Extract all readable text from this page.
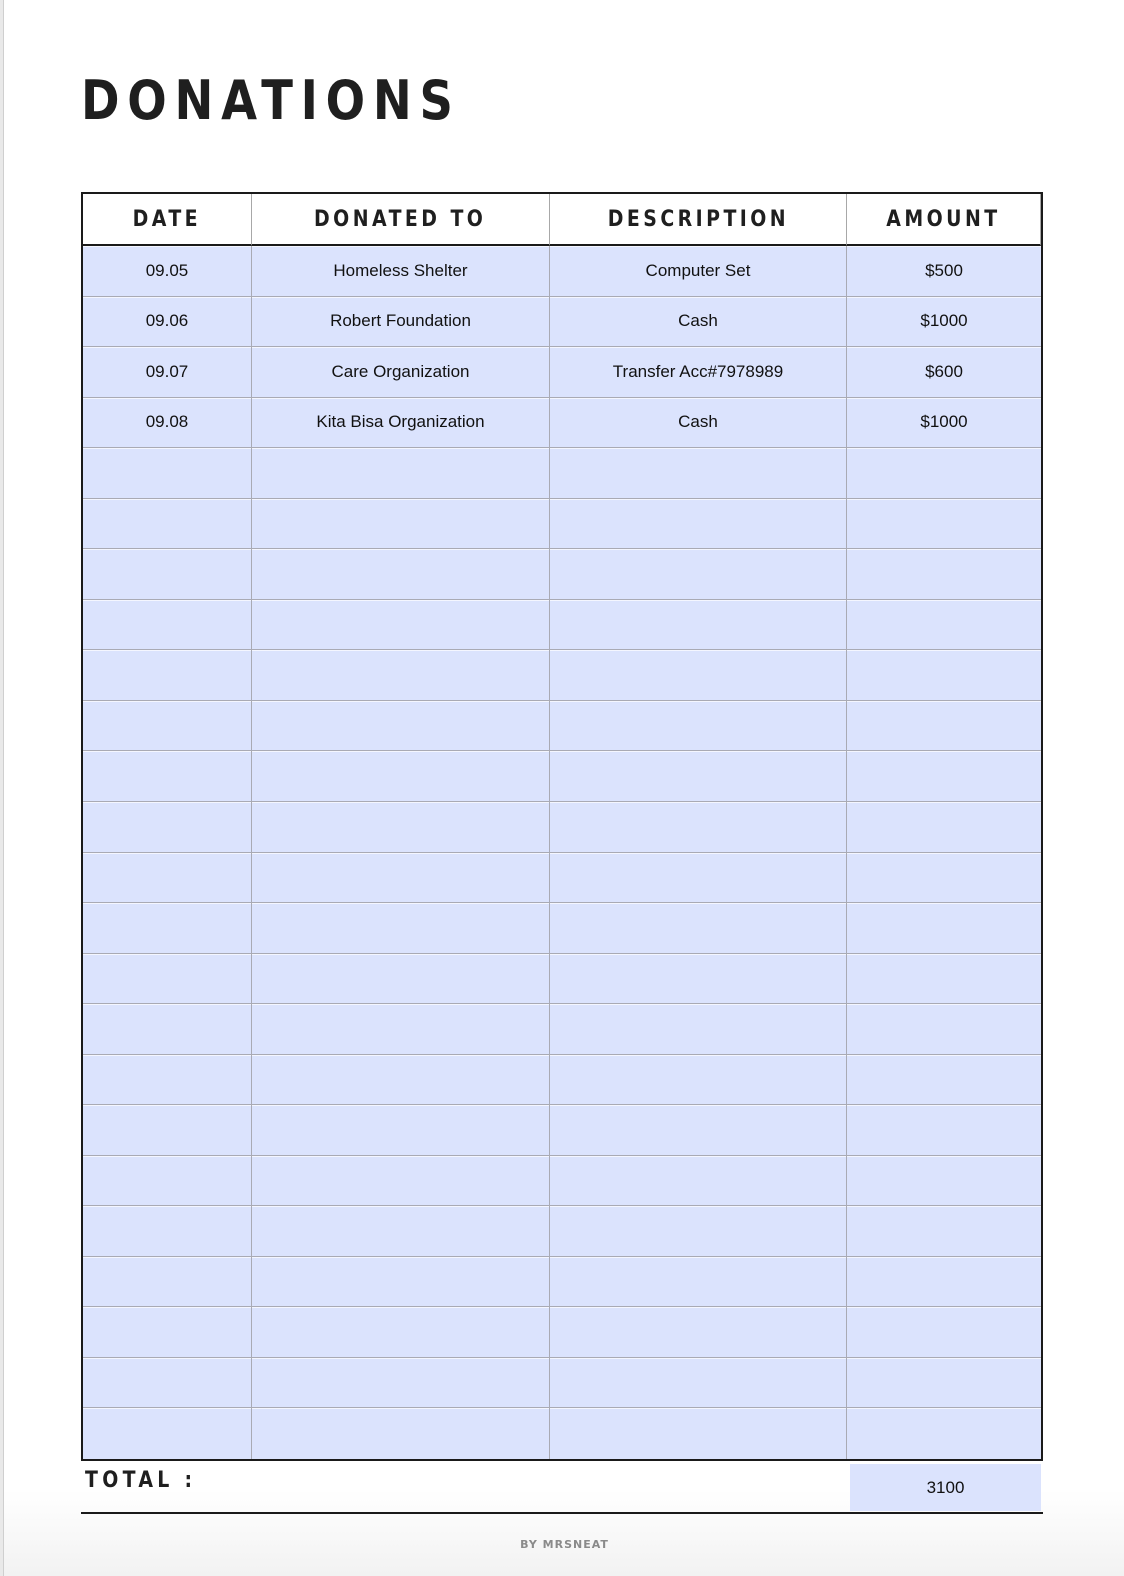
DONATIONS
DATE	DONATED TO	DESCRIPTION	AMOUNT
09.05	Homeless Shelter	Computer Set	$500
09.06	Robert Foundation	Cash	$1000
09.07	Care Organization	Transfer Acc#7978989	$600
09.08	Kita Bisa Organization	Cash	$1000
TOTAL :	3100
BY MRSNEAT
